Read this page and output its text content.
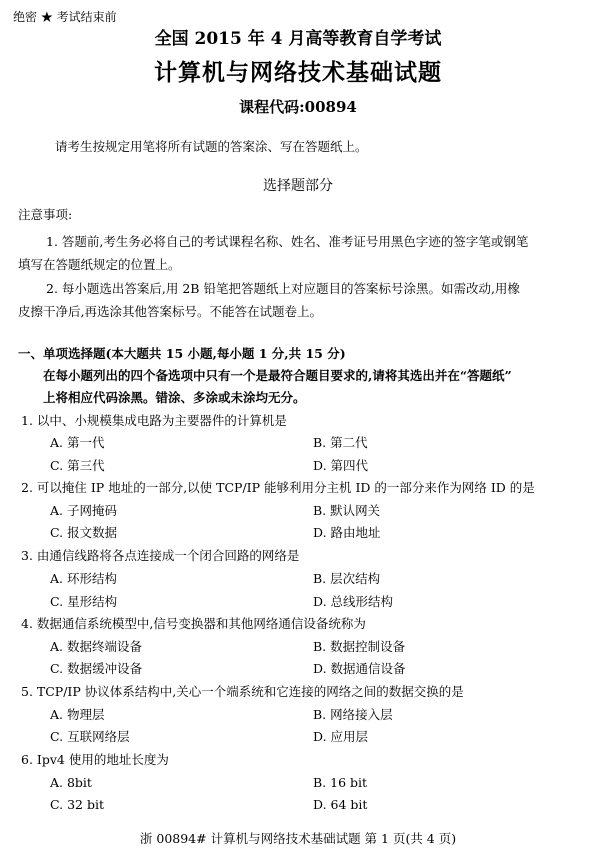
绝密 ★ 考试结束前
全国 2015 年 4 月高等教育自学考试
计算机与网络技术基础试题
课程代码:00894
请考生按规定用笔将所有试题的答案涂、写在答题纸上。
选择题部分
注意事项:
1. 答题前,考生务必将自己的考试课程名称、姓名、准考证号用黑色字迹的签字笔或钢笔
填写在答题纸规定的位置上。
2. 每小题选出答案后,用 2B 铅笔把答题纸上对应题目的答案标号涂黑。如需改动,用橡
皮擦干净后,再选涂其他答案标号。不能答在试题卷上。
一、单项选择题(本大题共 15 小题,每小题 1 分,共 15 分)
在每小题列出的四个备选项中只有一个是最符合题目要求的,请将其选出并在“答题纸”
上将相应代码涂黑。错涂、多涂或未涂均无分。
1. 以中、小规模集成电路为主要器件的计算机是
A. 第一代	B. 第二代
C. 第三代	D. 第四代
2. 可以掩住 IP 地址的一部分,以使 TCP/IP 能够利用分主机 ID 的一部分来作为网络 ID 的是
A. 子网掩码	B. 默认网关
C. 报文数据	D. 路由地址
3. 由通信线路将各点连接成一个闭合回路的网络是
A. 环形结构	B. 层次结构
C. 星形结构	D. 总线形结构
4. 数据通信系统模型中,信号变换器和其他网络通信设备统称为
A. 数据终端设备	B. 数据控制设备
C. 数据缓冲设备	D. 数据通信设备
5. TCP/IP 协议体系结构中,关心一个端系统和它连接的网络之间的数据交换的是
A. 物理层	B. 网络接入层
C. 互联网络层	D. 应用层
6. Ipv4 使用的地址长度为
A. 8bit	B. 16 bit
C. 32 bit	D. 64 bit
浙 00894# 计算机与网络技术基础试题 第 1 页(共 4 页)
